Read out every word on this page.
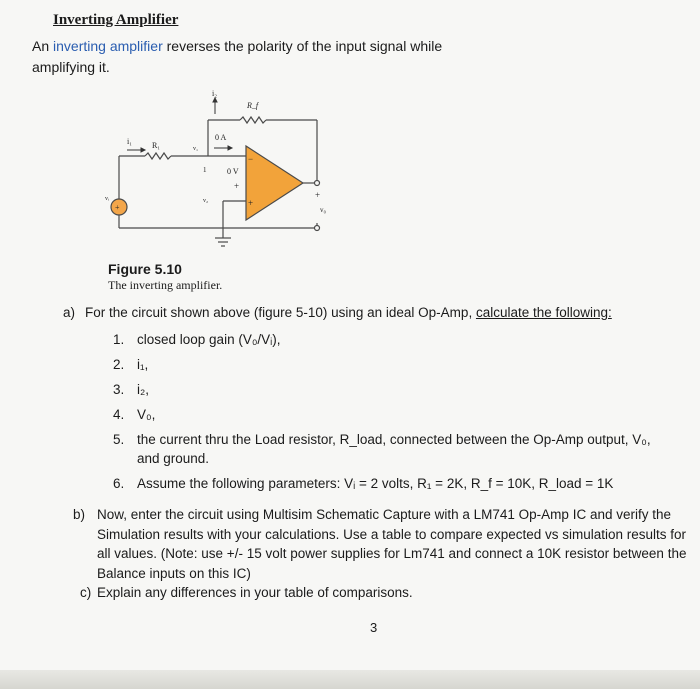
Inverting Amplifier
An inverting amplifier reverses the polarity of the input signal while amplifying it.
i₂
R_f
i₁ R₁	v₁
0 A
1	0 V
v₂
vᵢ
v₀
−
+
+
+
+
Figure 5.10
The inverting amplifier.
a) For the circuit shown above (figure 5-10) using an ideal Op-Amp, calculate the following:
1. closed loop gain (V₀/Vᵢ),
2. i₁,
3. i₂,
4. V₀,
5. the current thru the Load resistor, R_load, connected between the Op-Amp output, V₀, and ground.
6. Assume the following parameters: Vᵢ = 2 volts, R₁ = 2K, R_f = 10K, R_load = 1K
b) Now, enter the circuit using Multisim Schematic Capture with a LM741 Op-Amp IC and verify the Simulation results with your calculations. Use a table to compare expected vs simulation results for all values. (Note: use +/- 15 volt power supplies for Lm741 and connect a 10K resistor between the Balance inputs on this IC)
c) Explain any differences in your table of comparisons.
3
